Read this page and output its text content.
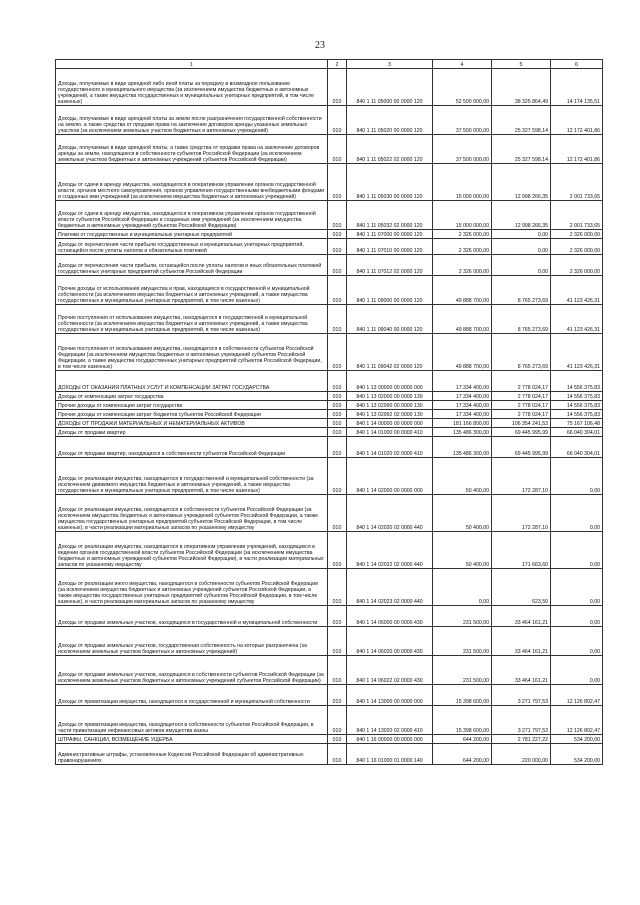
23
1	2	3	4	5	6
Доходы, получаемые в виде арендной либо иной платы за передачу в возмездное пользование государственного и муниципального имущества (за исключением имущества бюджетных и автономных учреждений, а также имущества государственных и муниципальных унитарных предприятий, в том числе казенных)	010	840 1 11 05000 00 0000 120	52 500 000,00	38 325 864,49	14 174 135,51
Доходы, получаемые в виде арендной платы за земли после разграничения государственной собственности на землю, а также средства от продажи права на заключение договоров аренды указанных земельных участков (за исключением земельных участков бюджетных и автономных учреждений)	010	840 1 11 05020 00 0000 120	37 500 000,00	25 327 598,14	12 172 401,86
Доходы, получаемые в виде арендной платы, а также средства от продажи права на заключение договоров аренды за земли, находящиеся в собственности субъектов Российской Федерации (за исключением земельных участков бюджетных и автономных учреждений субъектов Российской Федерации)	010	840 1 11 05022 02 0000 120	37 500 000,00	25 327 598,14	12 172 401,86
Доходы от сдачи в аренду имущества, находящегося в оперативном управлении органов государственной власти, органов местного самоуправления, органов управления государственными внебюджетными фондами и созданных ими учреждений (за исключением имущества бюджетных и автономных учреждений)	010	840 1 11 05030 00 0000 120	15 000 000,00	12 998 266,35	2 001 733,65
Доходы от сдачи в аренду имущества, находящегося в оперативном управлении органов государственной власти субъектов Российской Федерации и созданных ими учреждений (за исключением имущества бюджетных и автономных учреждений субъектов Российской Федерации)	010	840 1 11 05032 02 0000 120	15 000 000,00	12 998 266,35	2 001 733,65
Платежи от государственных и муниципальных унитарных предприятий	010	840 1 11 07000 00 0000 120	2 326 000,00	0,00	2 326 000,00
Доходы от перечисления части прибыли государственных и муниципальных унитарных предприятий, остающейся после уплаты налогов и обязательных платежей	010	840 1 11 07010 00 0000 120	2 326 000,00	0,00	2 326 000,00
Доходы от перечисления части прибыли, остающейся после уплаты налогов и иных обязательных платежей государственных унитарных предприятий субъектов Российской Федерации	010	840 1 11 07012 02 0000 120	2 326 000,00	0,00	2 326 000,00
Прочие доходы от использования имущества и прав, находящихся в государственной и муниципальной собственности (за исключением имущества бюджетных и автономных учреждений, а также имущества государственных и муниципальных унитарных предприятий, в том числе казенных)	010	840 1 11 09000 00 0000 120	49 888 700,00	8 765 273,69	41 123 426,31
Прочие поступления от использования имущества, находящегося в государственной и муниципальной собственности (за исключением имущества бюджетных и автономных учреждений, а также имущества государственных и муниципальных унитарных предприятий, в том числе казенных)	010	840 1 11 09040 00 0000 120	49 888 700,00	8 765 273,69	41 123 426,31
Прочие поступления от использования имущества, находящегося в собственности субъектов Российской Федерации (за исключением имущества бюджетных и автономных учреждений субъектов Российской Федерации, а также имущества государственных унитарных предприятий субъектов Российской Федерации, в том числе казенных)	010	840 1 11 09042 02 0000 120	49 888 700,00	8 765 273,69	41 123 426,31
ДОХОДЫ ОТ ОКАЗАНИЯ ПЛАТНЫХ УСЛУГ И КОМПЕНСАЦИИ ЗАТРАТ ГОСУДАРСТВА	010	840 1 13 00000 00 0000 000	17 334 400,00	2 778 024,17	14 556 375,83
Доходы от компенсации затрат государства	010	840 1 13 02000 00 0000 130	17 334 400,00	2 778 024,17	14 556 375,83
Прочие доходы от компенсации затрат государства	010	840 1 13 02990 00 0000 130	17 334 400,00	2 778 024,17	14 556 375,83
Прочие доходы от компенсации затрат бюджетов субъектов Российской Федерации	010	840 1 13 02992 02 0000 130	17 334 400,00	2 778 024,17	14 556 375,83
ДОХОДЫ ОТ ПРОДАЖИ МАТЕРИАЛЬНЫХ И НЕМАТЕРИАЛЬНЫХ АКТИВОВ	010	840 1 14 00000 00 0000 000	181 166 800,00	106 354 241,53	75 167 106,48
Доходы от продажи квартир	010	840 1 14 01000 00 0000 410	135 486 300,00	69 445 995,99	66 040 304,01
Доходы от продажи квартир, находящихся в собственности субъектов Российской Федерации	010	840 1 14 01020 02 0000 410	135 486 300,00	69 445 995,99	66 040 304,01
Доходы от реализации имущества, находящегося в государственной и муниципальной собственности (за исключением движимого имущества бюджетных и автономных учреждений, а также имущества государственных и муниципальных унитарных предприятий, в том числе казенных)	010	840 1 14 02000 00 0000 000	50 400,00	172 287,10	0,00
Доходы от реализации имущества, находящегося в собственности субъектов Российской Федерации (за исключением имущества бюджетных и автономных учреждений субъектов Российской Федерации, а также имущества государственных унитарных предприятий субъектов Российской Федерации, в том числе казенных), в части реализации материальных запасов по указанному имуществу	010	840 1 14 02020 02 0000 440	50 400,00	172 287,10	0,00
Доходы от реализации имущества, находящегося в оперативном управлении учреждений, находящихся в ведении органов государственной власти субъектов Российской Федерации (за исключением имущества бюджетных и автономных учреждений субъектов Российской Федерации), в части реализации материальных запасов по указанному имуществу	010	840 1 14 02022 02 0000 440	50 400,00	171 663,60	0,00
Доходы от реализации иного имущества, находящегося в собственности субъектов Российской Федерации (за исключением имущества бюджетных и автономных учреждений субъектов Российской Федерации, а также имущества государственных унитарных предприятий субъектов Российской Федерации, в том числе казенных), в части реализации материальных запасов по указанному имуществу	010	840 1 14 02023 02 0000 440	0,00	623,50	0,00
Доходы от продажи земельных участков, находящихся в государственной и муниципальной собственности	010	840 1 14 06000 00 0000 430	231 500,00	33 464 161,21	0,00
Доходы от продажи земельных участков, государственная собственность на которые разграничена (за исключением земельных участков бюджетных и автономных учреждений)	010	840 1 14 06020 00 0000 430	231 500,00	33 464 161,21	0,00
Доходы от продажи земельных участков, находящихся в собственности субъектов Российской Федерации (за исключением земельных участков бюджетных и автономных учреждений субъектов Российской Федерации)	010	840 1 14 06022 02 0000 430	231 500,00	33 464 161,21	0,00
Доходы от приватизации имущества, находящегося в государственной и муниципальной собственности	010	840 1 14 13000 00 0000 000	15 398 600,00	3 271 797,53	12 126 802,47
Доходы от приватизации имущества, находящегося в собственности субъектов Российской Федерации, в части приватизации нефинансовых активов имущества казны	010	840 1 14 13020 02 0000 410	15 398 600,00	3 271 797,53	12 126 802,47
ШТРАФЫ, САНКЦИИ, ВОЗМЕЩЕНИЕ УЩЕРБА	010	840 1 16 00000 00 0000 000	644 200,00	2 781 227,22	534 200,00
Административные штрафы, установленные Кодексом Российской Федерации об административных правонарушениях	010	840 1 16 01000 01 0000 140	644 200,00	220 000,00	534 200,00
